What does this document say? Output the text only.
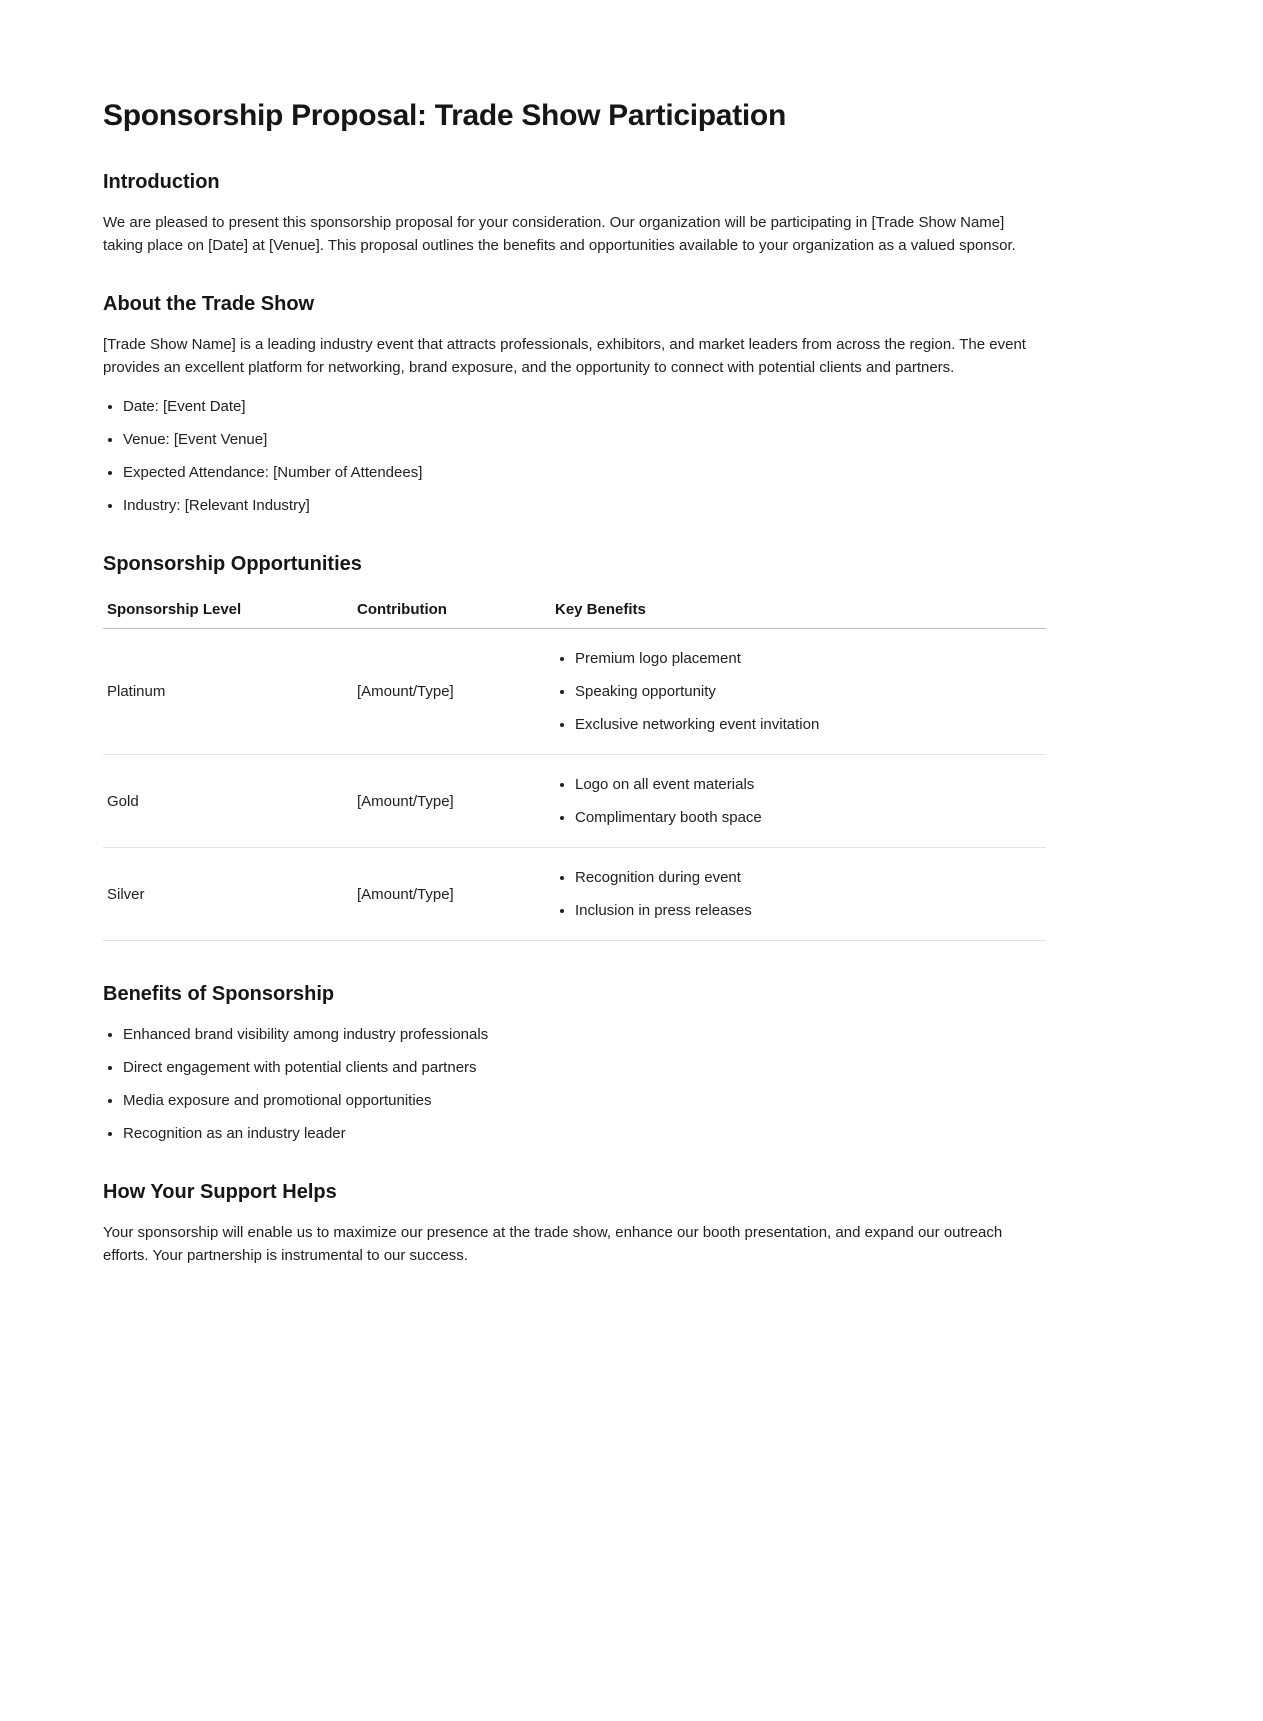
Sponsorship Proposal: Trade Show Participation
Introduction

We are pleased to present this sponsorship proposal for your consideration. Our organization will be participating in [Trade Show Name] taking place on [Date] at [Venue]. This proposal outlines the benefits and opportunities available to your organization as a valued sponsor.

About the Trade Show

[Trade Show Name] is a leading industry event that attracts professionals, exhibitors, and market leaders from across the region. The event provides an excellent platform for networking, brand exposure, and the opportunity to connect with potential clients and partners.

• Date: [Event Date]
• Venue: [Event Venue]
• Expected Attendance: [Number of Attendees]
• Industry: [Relevant Industry]
Sponsorship Opportunities
Sponsorship Level	Contribution	Key Benefits
Platinum	[Amount/Type]	
• Premium logo placement
• Speaking opportunity
• Exclusive networking event invitation

Gold	[Amount/Type]	
• Logo on all event materials
• Complimentary booth space

Silver	[Amount/Type]	
• Recognition during event
• Inclusion in press releases
Benefits of Sponsorship
• Enhanced brand visibility among industry professionals
• Direct engagement with potential clients and partners
• Media exposure and promotional opportunities
• Recognition as an industry leader
How Your Support Helps

Your sponsorship will enable us to maximize our presence at the trade show, enhance our booth presentation, and expand our outreach efforts. Your partnership is instrumental to our success.
